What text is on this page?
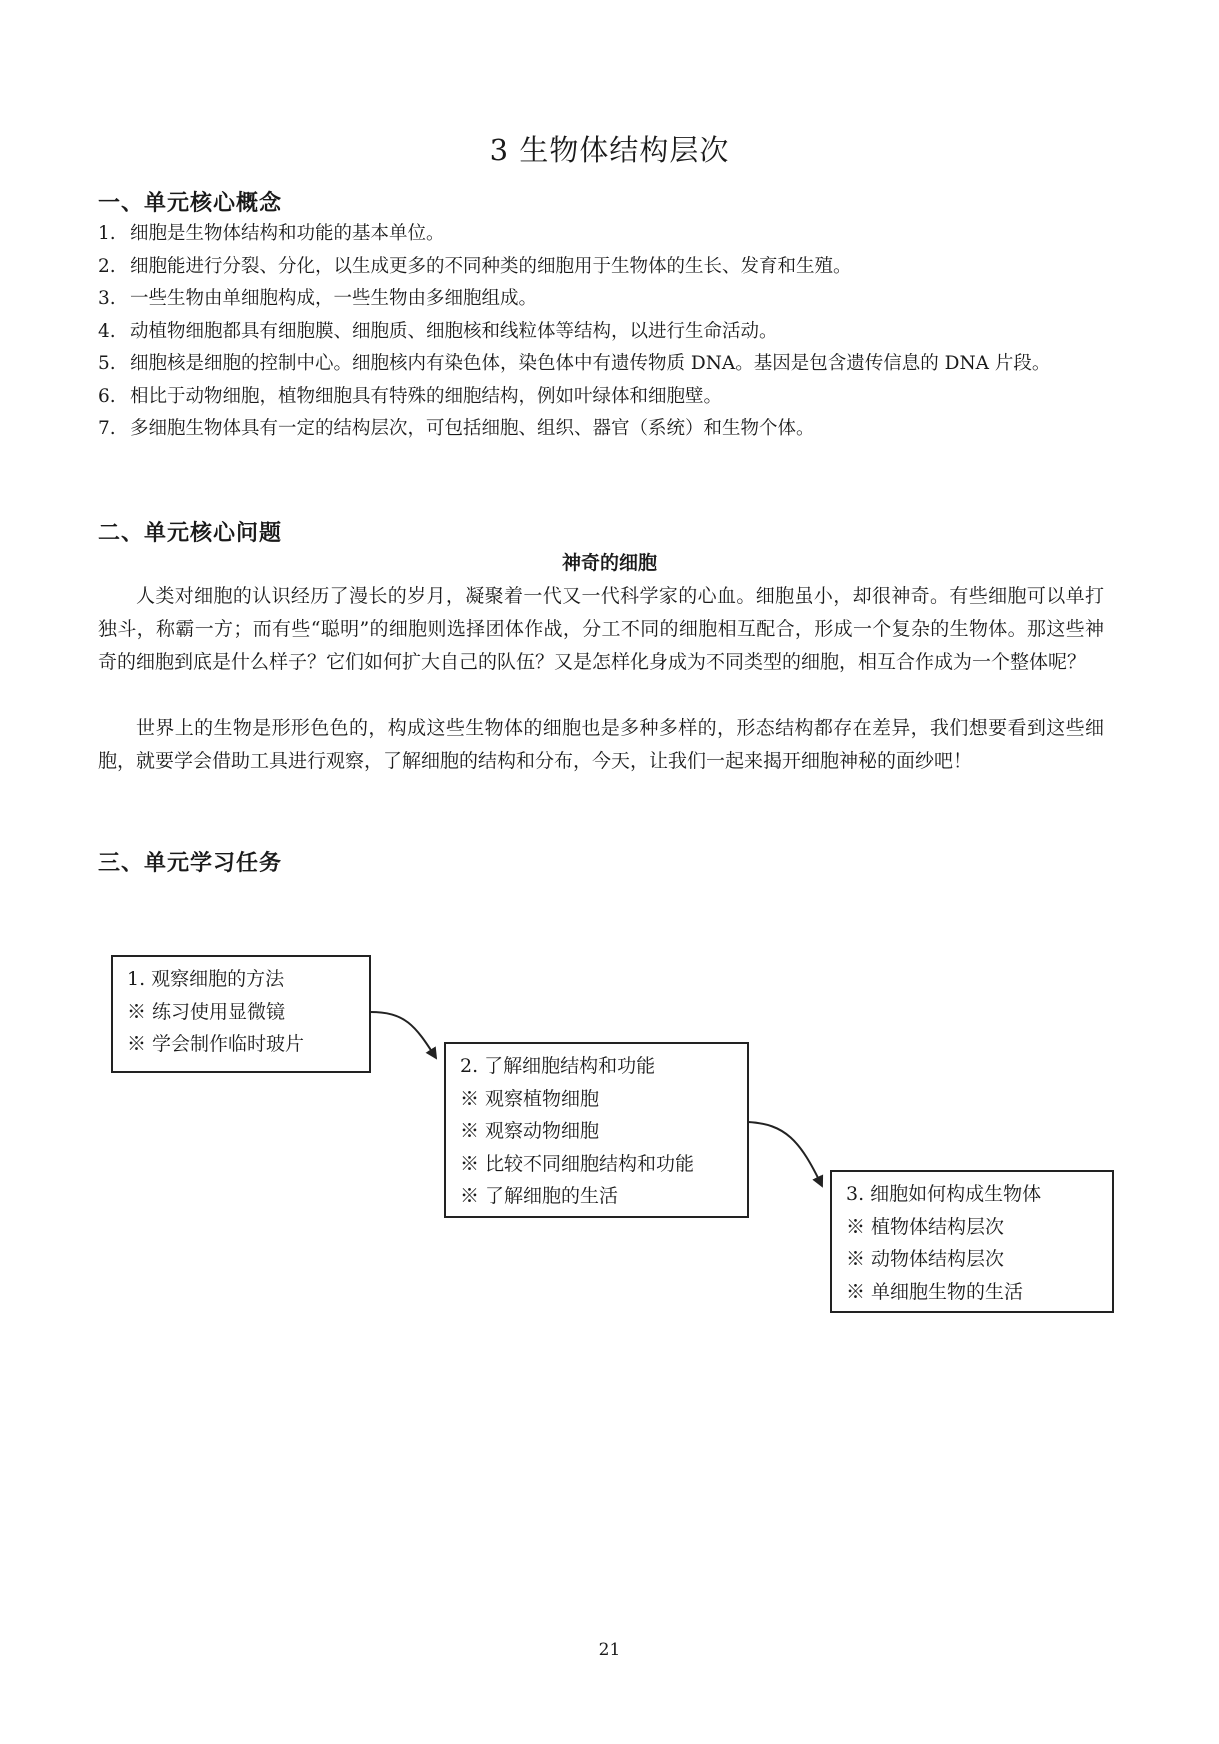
3 生物体结构层次
一、单元核心概念
1. 细胞是生物体结构和功能的基本单位。
2. 细胞能进行分裂、分化，以生成更多的不同种类的细胞用于生物体的生长、发育和生殖。
3. 一些生物由单细胞构成，一些生物由多细胞组成。
4. 动植物细胞都具有细胞膜、细胞质、细胞核和线粒体等结构，以进行生命活动。
5. 细胞核是细胞的控制中心。细胞核内有染色体，染色体中有遗传物质 DNA。基因是包含遗传信息的 DNA 片段。
6. 相比于动物细胞，植物细胞具有特殊的细胞结构，例如叶绿体和细胞壁。
7. 多细胞生物体具有一定的结构层次，可包括细胞、组织、器官（系统）和生物个体。
二、单元核心问题
神奇的细胞
人类对细胞的认识经历了漫长的岁月，凝聚着一代又一代科学家的心血。细胞虽小，却很神奇。有些细胞可以单打独斗，称霸一方；而有些“聪明”的细胞则选择团体作战，分工不同的细胞相互配合，形成一个复杂的生物体。那这些神奇的细胞到底是什么样子？它们如何扩大自己的队伍？又是怎样化身成为不同类型的细胞，相互合作成为一个整体呢？
世界上的生物是形形色色的，构成这些生物体的细胞也是多种多样的，形态结构都存在差异，我们想要看到这些细胞，就要学会借助工具进行观察，了解细胞的结构和分布，今天，让我们一起来揭开细胞神秘的面纱吧！
三、单元学习任务
1. 观察细胞的方法
※ 练习使用显微镜
※ 学会制作临时玻片
2. 了解细胞结构和功能
※ 观察植物细胞
※ 观察动物细胞
※ 比较不同细胞结构和功能
※ 了解细胞的生活	3. 细胞如何构成生物体
※ 植物体结构层次
※ 动物体结构层次
※ 单细胞生物的生活
21
